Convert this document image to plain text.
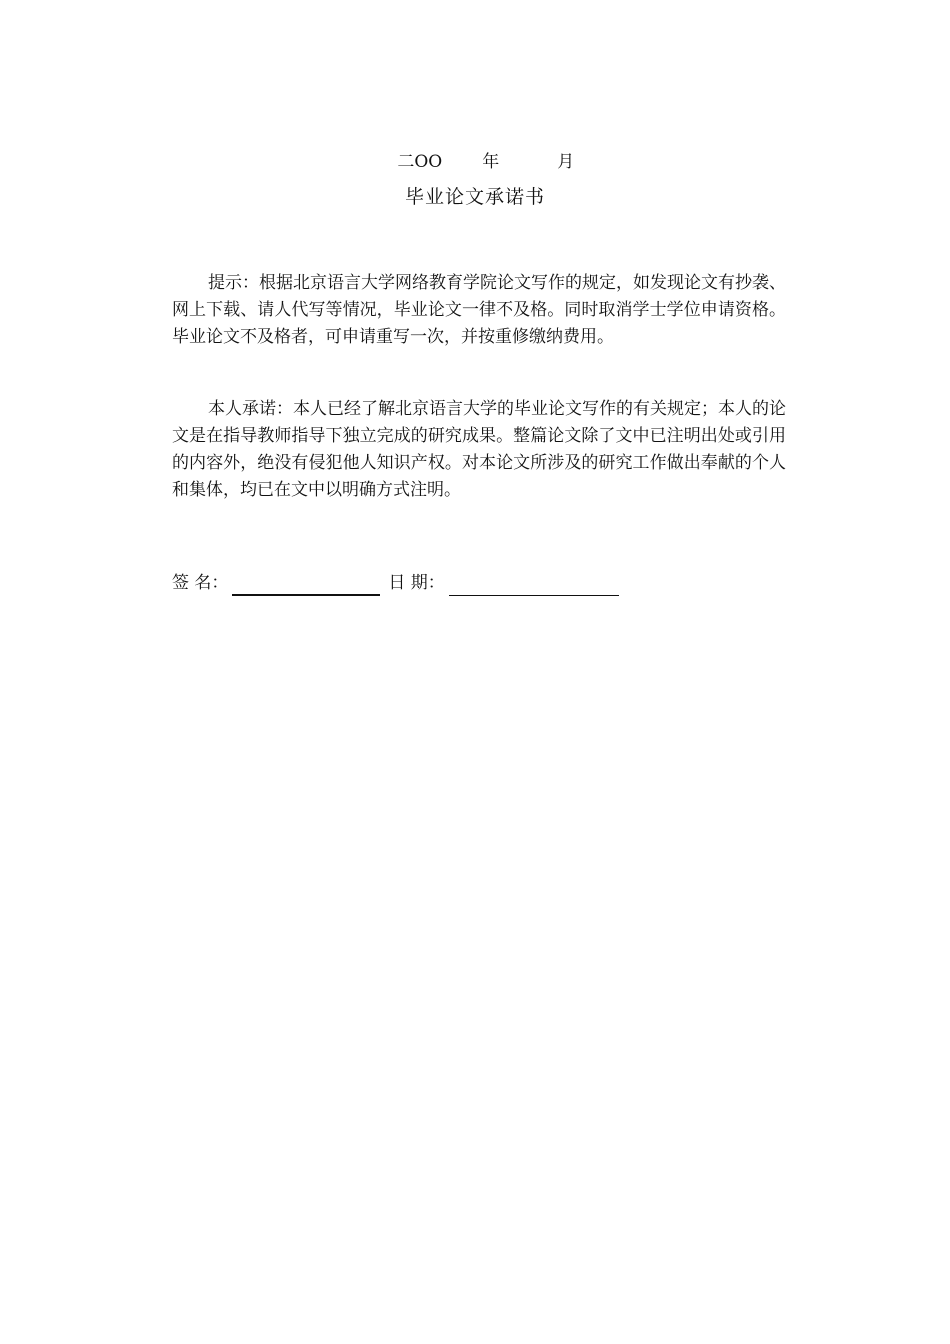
二OO 年	月

毕业论文承诺书

提示：根据北京语言大学网络教育学院论文写作的规定，如发现论文有抄袭、网上下载、请人代写等情况，毕业论文一律不及格。同时取消学士学位申请资格。毕业论文不及格者，可申请重写一次，并按重修缴纳费用。

本人承诺：本人已经了解北京语言大学的毕业论文写作的有关规定；本人的论文是在指导教师指导下独立完成的研究成果。整篇论文除了文中已注明出处或引用的内容外，绝没有侵犯他人知识产权。对本论文所涉及的研究工作做出奉献的个人和集体，均已在文中以明确方式注明。

签 名：	日 期：
